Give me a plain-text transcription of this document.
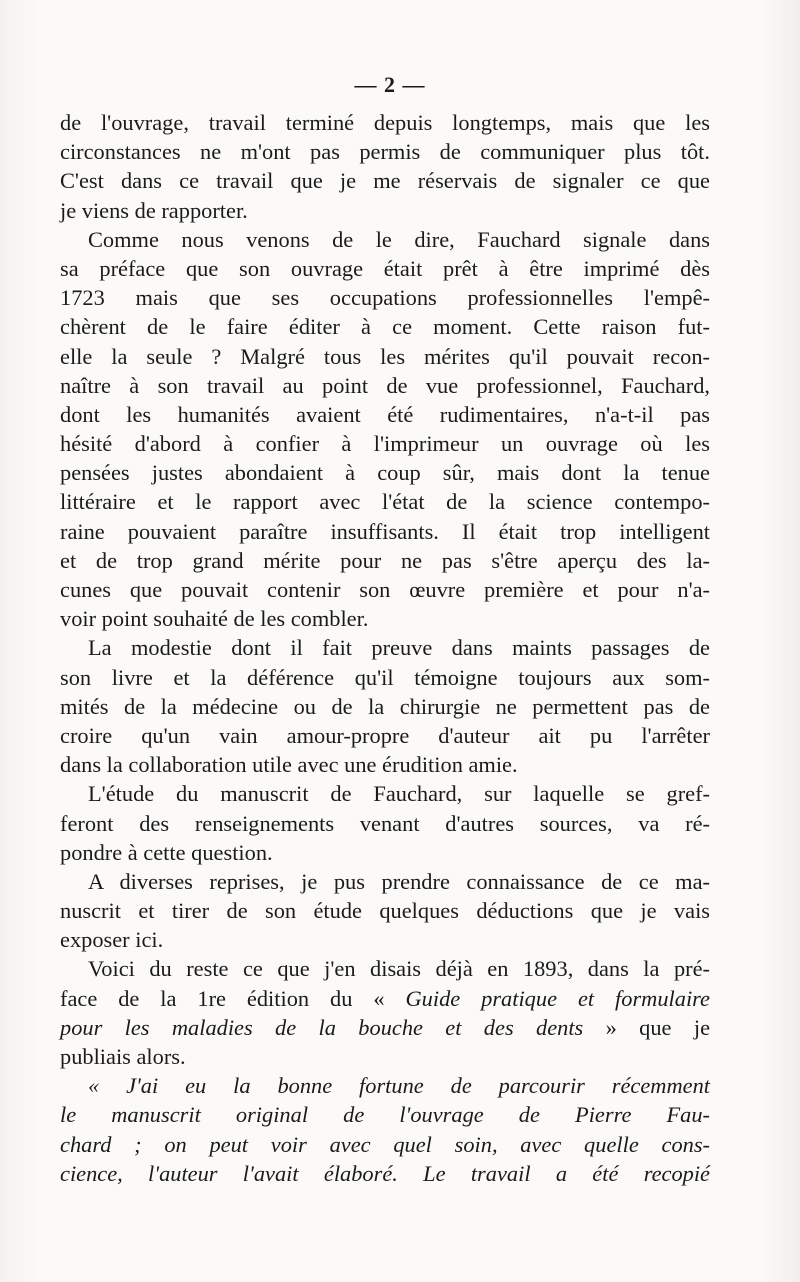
— 2 —
de l'ouvrage, travail terminé depuis longtemps, mais que les
circonstances ne m'ont pas permis de communiquer plus tôt.
C'est dans ce travail que je me réservais de signaler ce que
je viens de rapporter.
Comme nous venons de le dire, Fauchard signale dans
sa préface que son ouvrage était prêt à être imprimé dès
1723 mais que ses occupations professionnelles l'empê-
chèrent de le faire éditer à ce moment. Cette raison fut-
elle la seule ? Malgré tous les mérites qu'il pouvait recon-
naître à son travail au point de vue professionnel, Fauchard,
dont les humanités avaient été rudimentaires, n'a-t-il pas
hésité d'abord à confier à l'imprimeur un ouvrage où les
pensées justes abondaient à coup sûr, mais dont la tenue
littéraire et le rapport avec l'état de la science contempo-
raine pouvaient paraître insuffisants. Il était trop intelligent
et de trop grand mérite pour ne pas s'être aperçu des la-
cunes que pouvait contenir son œuvre première et pour n'a-
voir point souhaité de les combler.
La modestie dont il fait preuve dans maints passages de
son livre et la déférence qu'il témoigne toujours aux som-
mités de la médecine ou de la chirurgie ne permettent pas de
croire qu'un vain amour-propre d'auteur ait pu l'arrêter
dans la collaboration utile avec une érudition amie.
L'étude du manuscrit de Fauchard, sur laquelle se gref-
feront des renseignements venant d'autres sources, va ré-
pondre à cette question.
A diverses reprises, je pus prendre connaissance de ce ma-
nuscrit et tirer de son étude quelques déductions que je vais
exposer ici.
Voici du reste ce que j'en disais déjà en 1893, dans la pré-
face de la 1re édition du « Guide pratique et formulaire
pour les maladies de la bouche et des dents » que je
publiais alors.
« J'ai eu la bonne fortune de parcourir récemment
le manuscrit original de l'ouvrage de Pierre Fau-
chard ; on peut voir avec quel soin, avec quelle cons-
cience, l'auteur l'avait élaboré. Le travail a été recopié
